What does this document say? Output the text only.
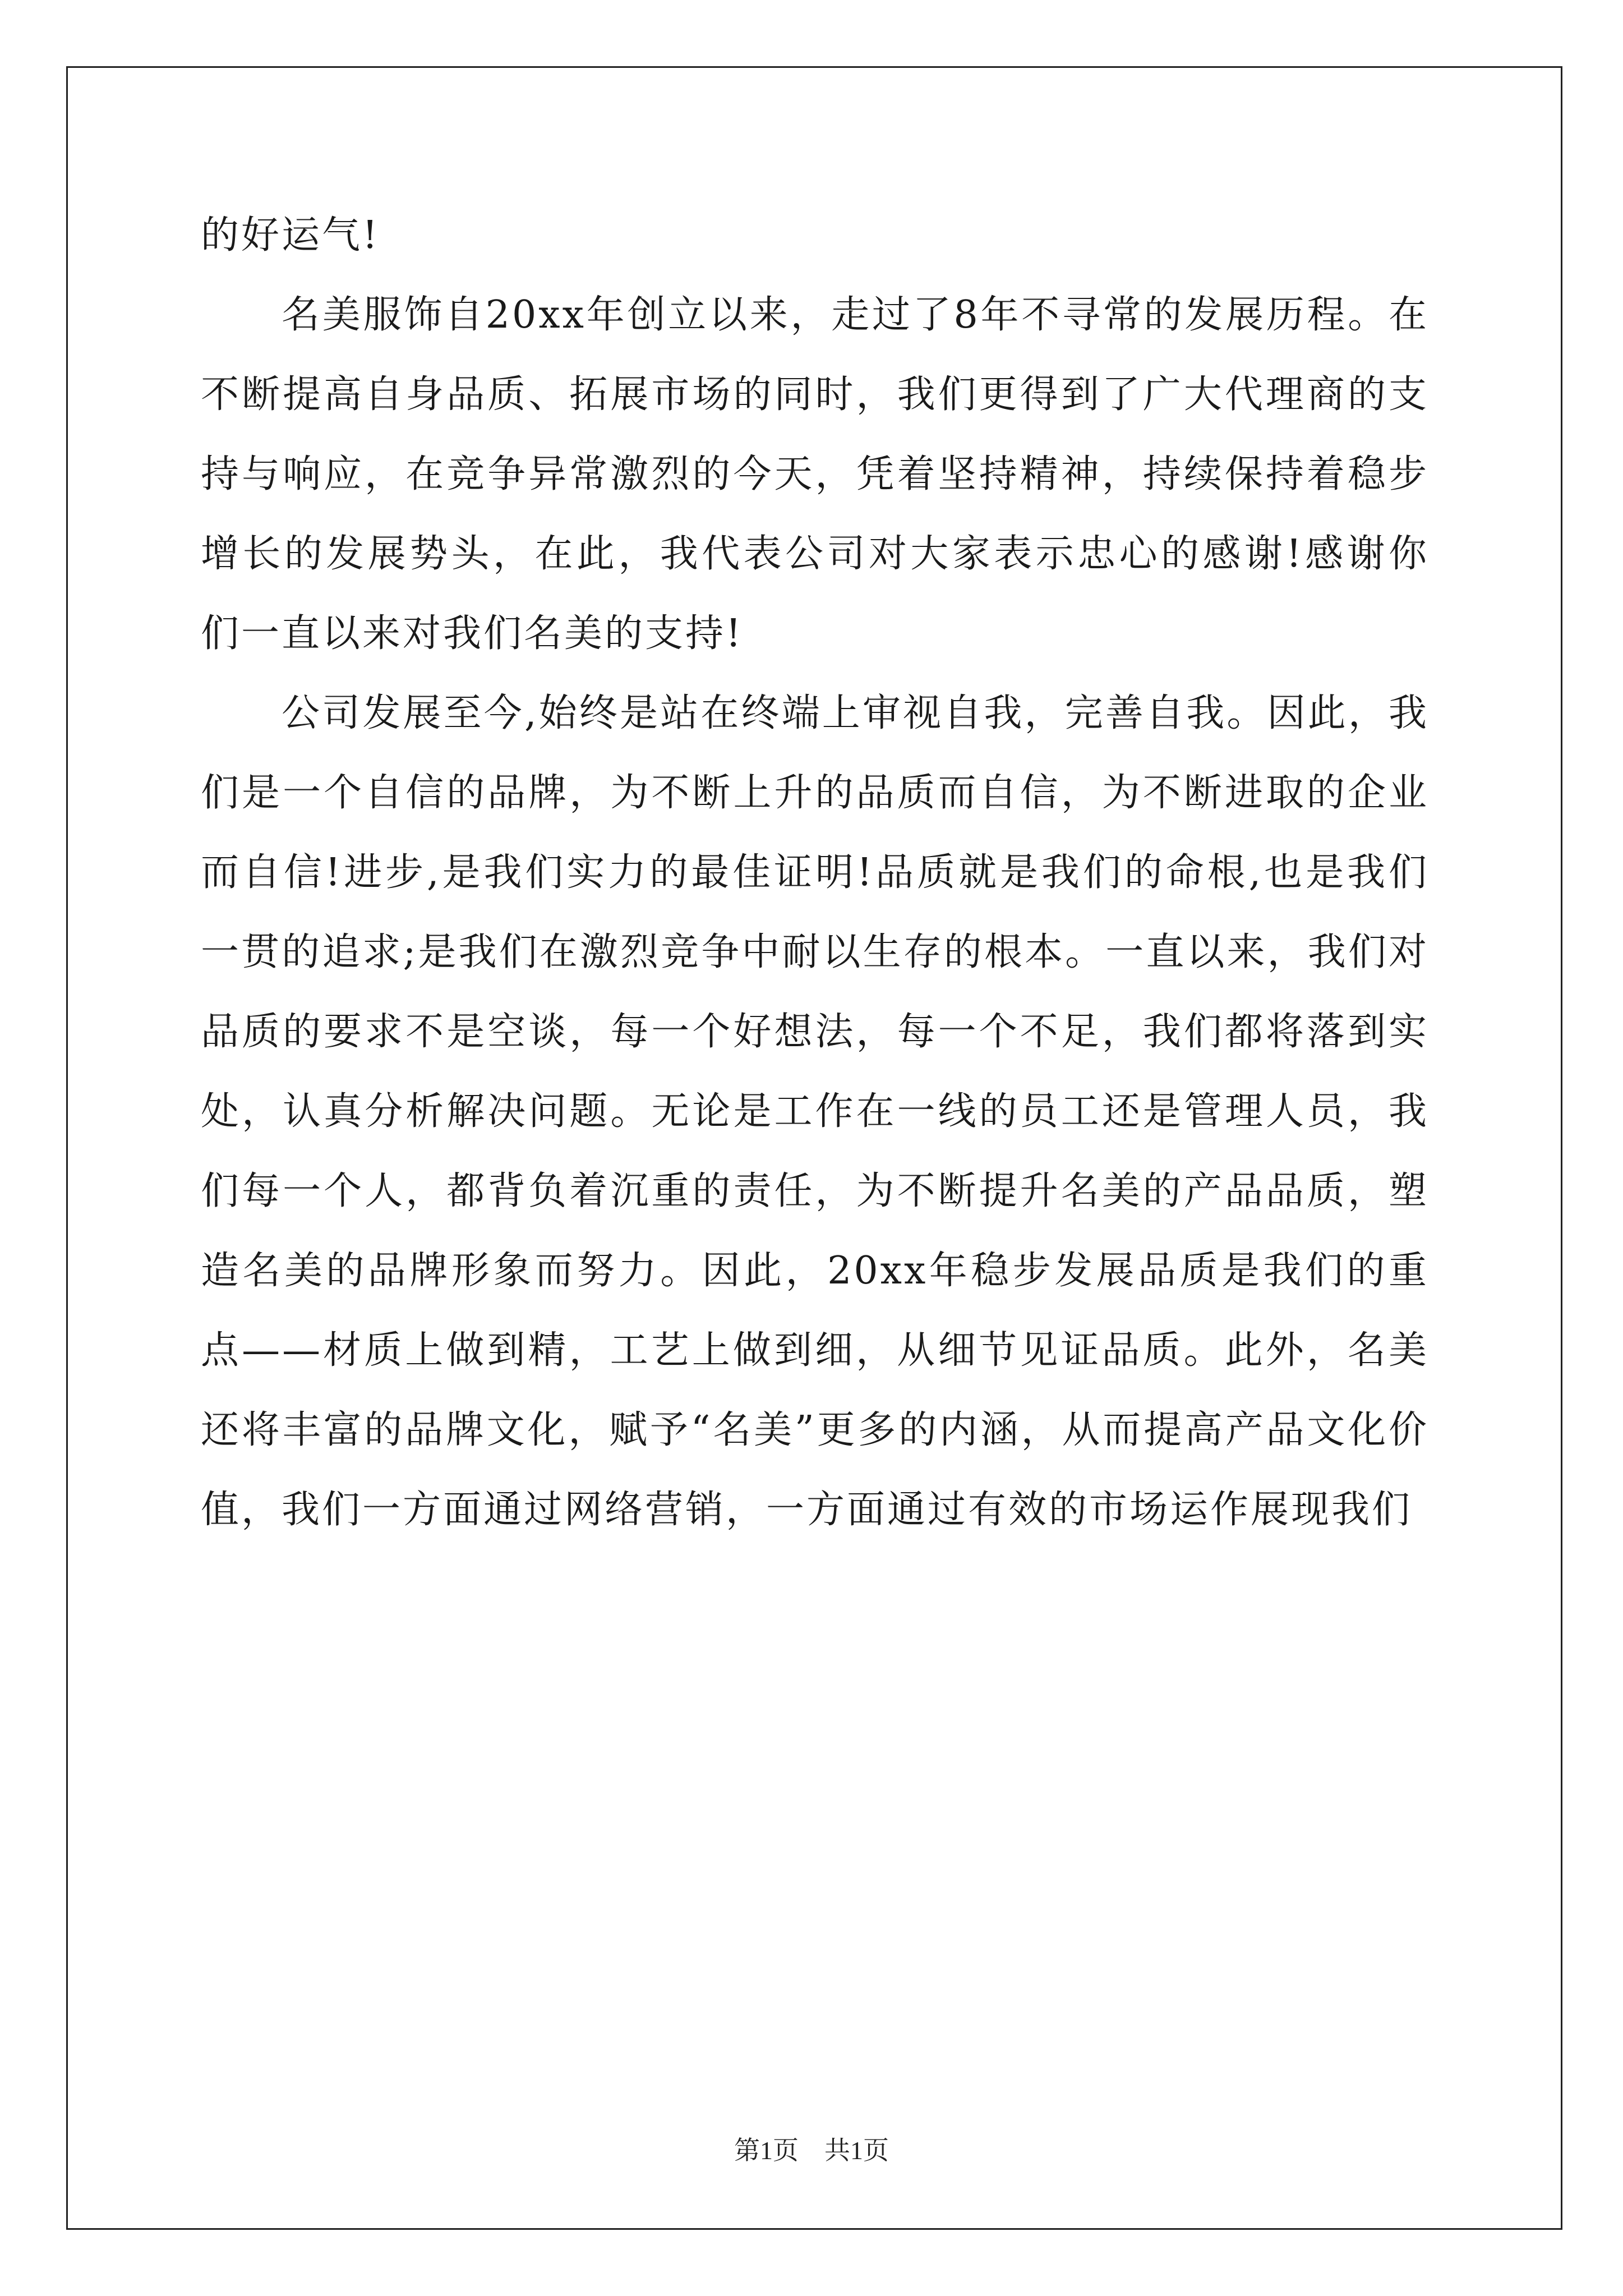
的好运气!

名美服饰自20xx年创立以来，走过了8年不寻常的发展历程。在不断提高自身品质、拓展市场的同时，我们更得到了广大代理商的支持与响应，在竞争异常激烈的今天，凭着坚持精神，持续保持着稳步增长的发展势头，在此，我代表公司对大家表示忠心的感谢!感谢你们一直以来对我们名美的支持!

公司发展至今,始终是站在终端上审视自我，完善自我。因此，我们是一个自信的品牌，为不断上升的品质而自信，为不断进取的企业而自信!进步,是我们实力的最佳证明!品质就是我们的命根,也是我们一贯的追求;是我们在激烈竞争中耐以生存的根本。一直以来，我们对品质的要求不是空谈，每一个好想法，每一个不足，我们都将落到实处，认真分析解决问题。无论是工作在一线的员工还是管理人员，我们每一个人，都背负着沉重的责任，为不断提升名美的产品品质，塑造名美的品牌形象而努力。因此，20xx年稳步发展品质是我们的重点——材质上做到精，工艺上做到细，从细节见证品质。此外，名美还将丰富的品牌文化，赋予“名美”更多的内涵，从而提高产品文化价值，我们一方面通过网络营销，一方面通过有效的市场运作展现我们

第1页 共1页
